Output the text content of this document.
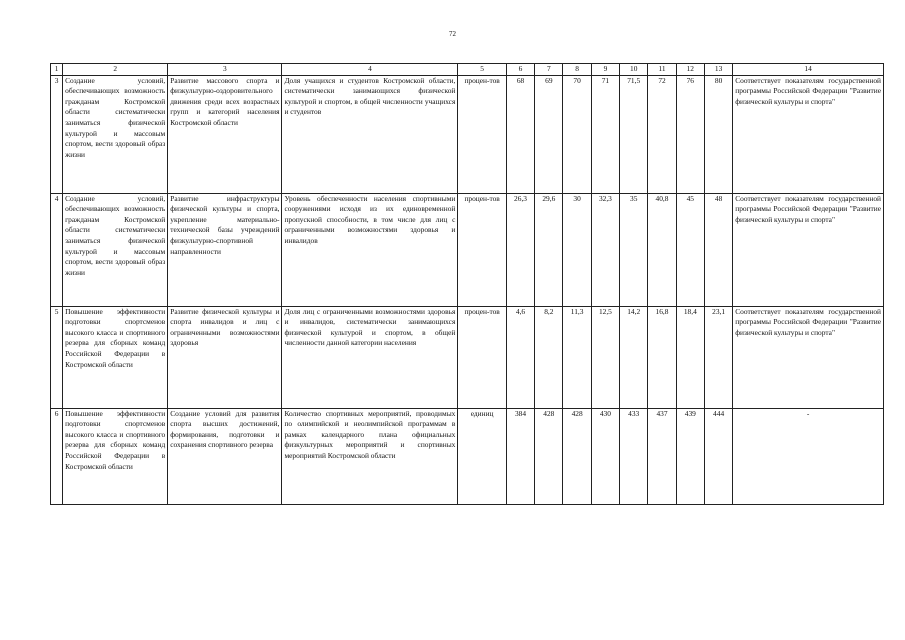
72
1	2	3	4	5	6	7	8	9	10	11	12	13	14
3	Создание условий, обеспечивающих возможность гражданам Костромской области систематически заниматься физической культурой и массовым спортом, вести здоровый образ жизни	Развитие массового спорта и физкультурно-оздоровительного движения среди всех возрастных групп и категорий населения Костромской области	Доля учащихся и студентов Костромской области, систематически занимающихся физической культурой и спортом, в общей численности учащихся и студентов	процен-тов	68	69	70	71	71,5	72	76	80	Соответствует показателям государственной программы Российской Федерации "Развитие физической культуры и спорта"
4	Создание условий, обеспечивающих возможность гражданам Костромской области систематически заниматься физической культурой и массовым спортом, вести здоровый образ жизни	Развитие инфраструктуры физической культуры и спорта, укрепление материально-технической базы учреждений физкультурно-спортивной направленности	Уровень обеспеченности населения спортивными сооружениями исходя из их единовременной пропускной способности, в том числе для лиц с ограниченными возможностями здоровья и инвалидов	процен-тов	26,3	29,6	30	32,3	35	40,8	45	48	Соответствует показателям государственной программы Российской Федерации "Развитие физической культуры и спорта"
5	Повышение эффективности подготовки спортсменов высокого класса и спортивного резерва для сборных команд Российской Федерации в Костромской области	Развитие физической культуры и спорта инвалидов и лиц с ограниченными возможностями здоровья	Доля лиц с ограниченными возможностями здоровья и инвалидов, систематически занимающихся физической культурой и спортом, в общей численности данной категории населения	процен-тов	4,6	8,2	11,3	12,5	14,2	16,8	18,4	23,1	Соответствует показателям государственной программы Российской Федерации "Развитие физической культуры и спорта"
6	Повышение эффективности подготовки спортсменов высокого класса и спортивного резерва для сборных команд Российской Федерации в Костромской области	Создание условий для развития спорта высших достижений, формирования, подготовки и сохранения спортивного резерва	Количество спортивных мероприятий, проводимых по олимпийской и неолимпийской программам в рамках календарного плана официальных физкультурных мероприятий и спортивных мероприятий Костромской области	единиц	384	428	428	430	433	437	439	444	-
